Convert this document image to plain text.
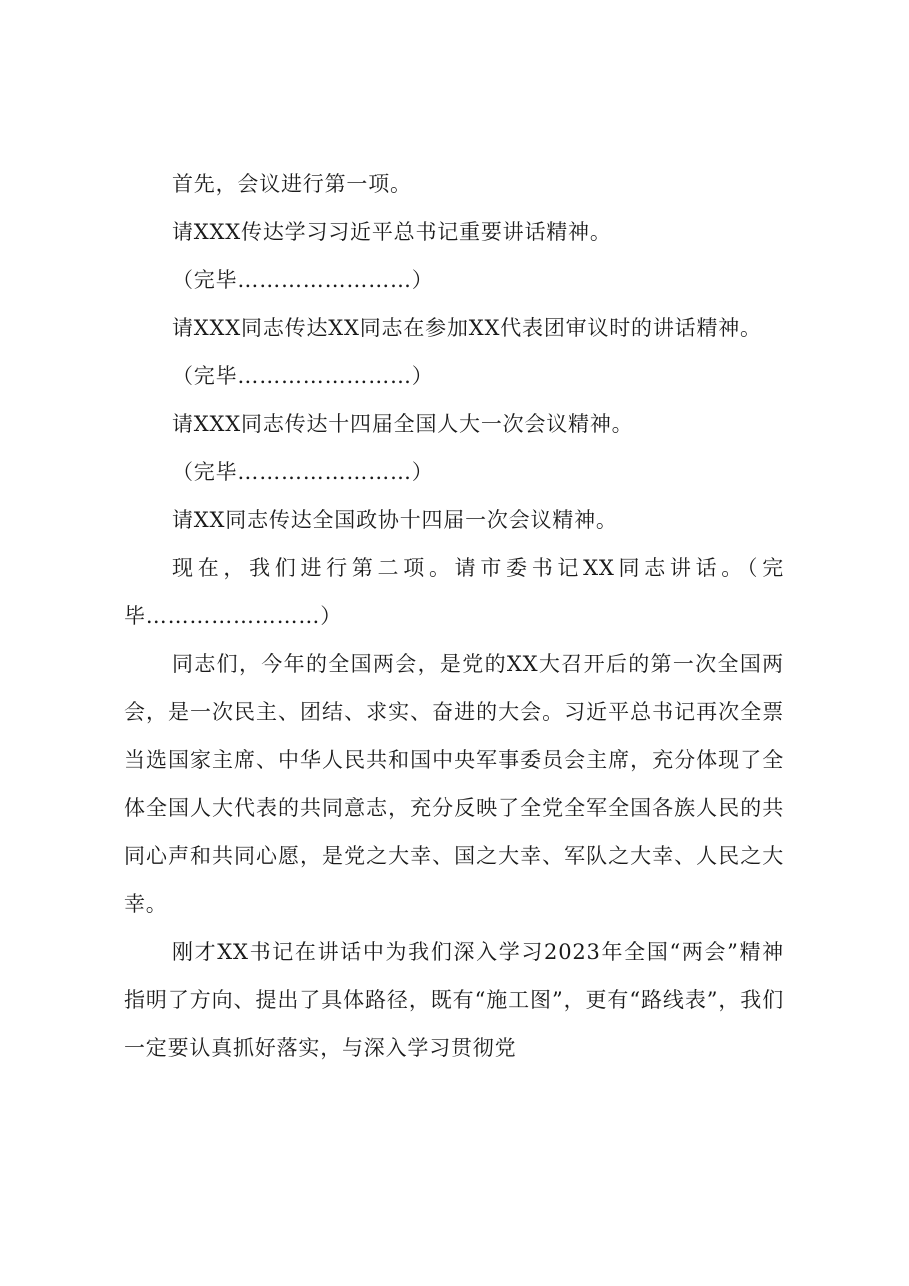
首先，会议进行第一项。

请XXX传达学习习近平总书记重要讲话精神。

（完毕……………………）

请XXX同志传达XX同志在参加XX代表团审议时的讲话精神。

（完毕……………………）

请XXX同志传达十四届全国人大一次会议精神。

（完毕……………………）

请XX同志传达全国政协十四届一次会议精神。

现在，我们进行第二项。请市委书记XX同志讲话。（完毕……………………）

同志们，今年的全国两会，是党的XX大召开后的第一次全国两会，是一次民主、团结、求实、奋进的大会。习近平总书记再次全票当选国家主席、中华人民共和国中央军事委员会主席，充分体现了全体全国人大代表的共同意志，充分反映了全党全军全国各族人民的共同心声和共同心愿，是党之大幸、国之大幸、军队之大幸、人民之大幸。

刚才XX书记在讲话中为我们深入学习2023年全国“两会”精神指明了方向、提出了具体路径，既有“施工图”，更有“路线表”，我们一定要认真抓好落实，与深入学习贯彻党
